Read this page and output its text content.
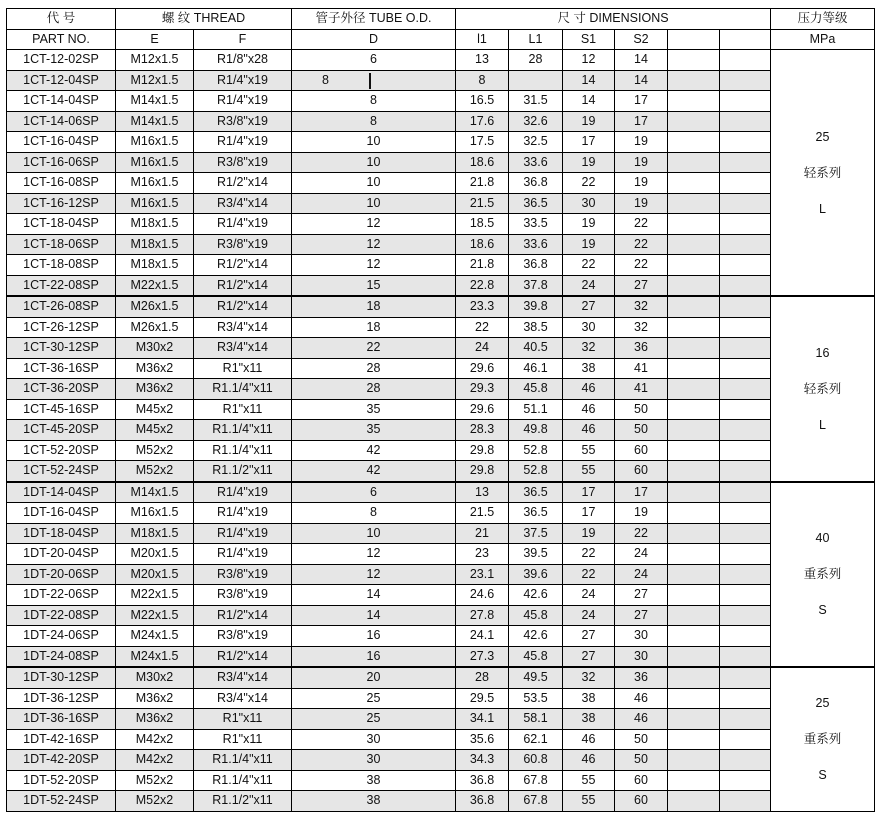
代 号	螺 纹 THREAD		管子外径 TUBE O.D.	尺 寸 DIMENSIONS						压力等级
PART NO.	E	F	D	l1	L1	S1	S2			MPa
1CT-12-02SP	M12x1.5	R1/8"x28	6	13	28	12	14			25
轻系列
L

1CT-12-04SP	M12x1.5	R1/4"x19	8	8		14	14			
1CT-14-04SP	M14x1.5	R1/4"x19	8	16.5	31.5	14	17			
1CT-14-06SP	M14x1.5	R3/8"x19	8	17.6	32.6	19	17			
1CT-16-04SP	M16x1.5	R1/4"x19	10	17.5	32.5	17	19			
1CT-16-06SP	M16x1.5	R3/8"x19	10	18.6	33.6	19	19			
1CT-16-08SP	M16x1.5	R1/2"x14	10	21.8	36.8	22	19			
1CT-16-12SP	M16x1.5	R3/4"x14	10	21.5	36.5	30	19			
1CT-18-04SP	M18x1.5	R1/4"x19	12	18.5	33.5	19	22			
1CT-18-06SP	M18x1.5	R3/8"x19	12	18.6	33.6	19	22			
1CT-18-08SP	M18x1.5	R1/2"x14	12	21.8	36.8	22	22			
1CT-22-08SP	M22x1.5	R1/2"x14	15	22.8	37.8	24	27			
1CT-26-08SP	M26x1.5	R1/2"x14	18	23.3	39.8	27	32			16
轻系列
L

1CT-26-12SP	M26x1.5	R3/4"x14	18	22	38.5	30	32			
1CT-30-12SP	M30x2	R3/4"x14	22	24	40.5	32	36			
1CT-36-16SP	M36x2	R1"x11	28	29.6	46.1	38	41			
1CT-36-20SP	M36x2	R1.1/4"x11	28	29.3	45.8	46	41			
1CT-45-16SP	M45x2	R1"x11	35	29.6	51.1	46	50			
1CT-45-20SP	M45x2	R1.1/4"x11	35	28.3	49.8	46	50			
1CT-52-20SP	M52x2	R1.1/4"x11	42	29.8	52.8	55	60			
1CT-52-24SP	M52x2	R1.1/2"x11	42	29.8	52.8	55	60			
1DT-14-04SP	M14x1.5	R1/4"x19	6	13	36.5	17	17			40
重系列
S

1DT-16-04SP	M16x1.5	R1/4"x19	8	21.5	36.5	17	19			
1DT-18-04SP	M18x1.5	R1/4"x19	10	21	37.5	19	22			
1DT-20-04SP	M20x1.5	R1/4"x19	12	23	39.5	22	24			
1DT-20-06SP	M20x1.5	R3/8"x19	12	23.1	39.6	22	24			
1DT-22-06SP	M22x1.5	R3/8"x19	14	24.6	42.6	24	27			
1DT-22-08SP	M22x1.5	R1/2"x14	14	27.8	45.8	24	27			
1DT-24-06SP	M24x1.5	R3/8"x19	16	24.1	42.6	27	30			
1DT-24-08SP	M24x1.5	R1/2"x14	16	27.3	45.8	27	30			
1DT-30-12SP	M30x2	R3/4"x14	20	28	49.5	32	36			25
重系列
S

1DT-36-12SP	M36x2	R3/4"x14	25	29.5	53.5	38	46			
1DT-36-16SP	M36x2	R1"x11	25	34.1	58.1	38	46			
1DT-42-16SP	M42x2	R1"x11	30	35.6	62.1	46	50			
1DT-42-20SP	M42x2	R1.1/4"x11	30	34.3	60.8	46	50			
1DT-52-20SP	M52x2	R1.1/4"x11	38	36.8	67.8	55	60			
1DT-52-24SP	M52x2	R1.1/2"x11	38	36.8	67.8	55	60			
